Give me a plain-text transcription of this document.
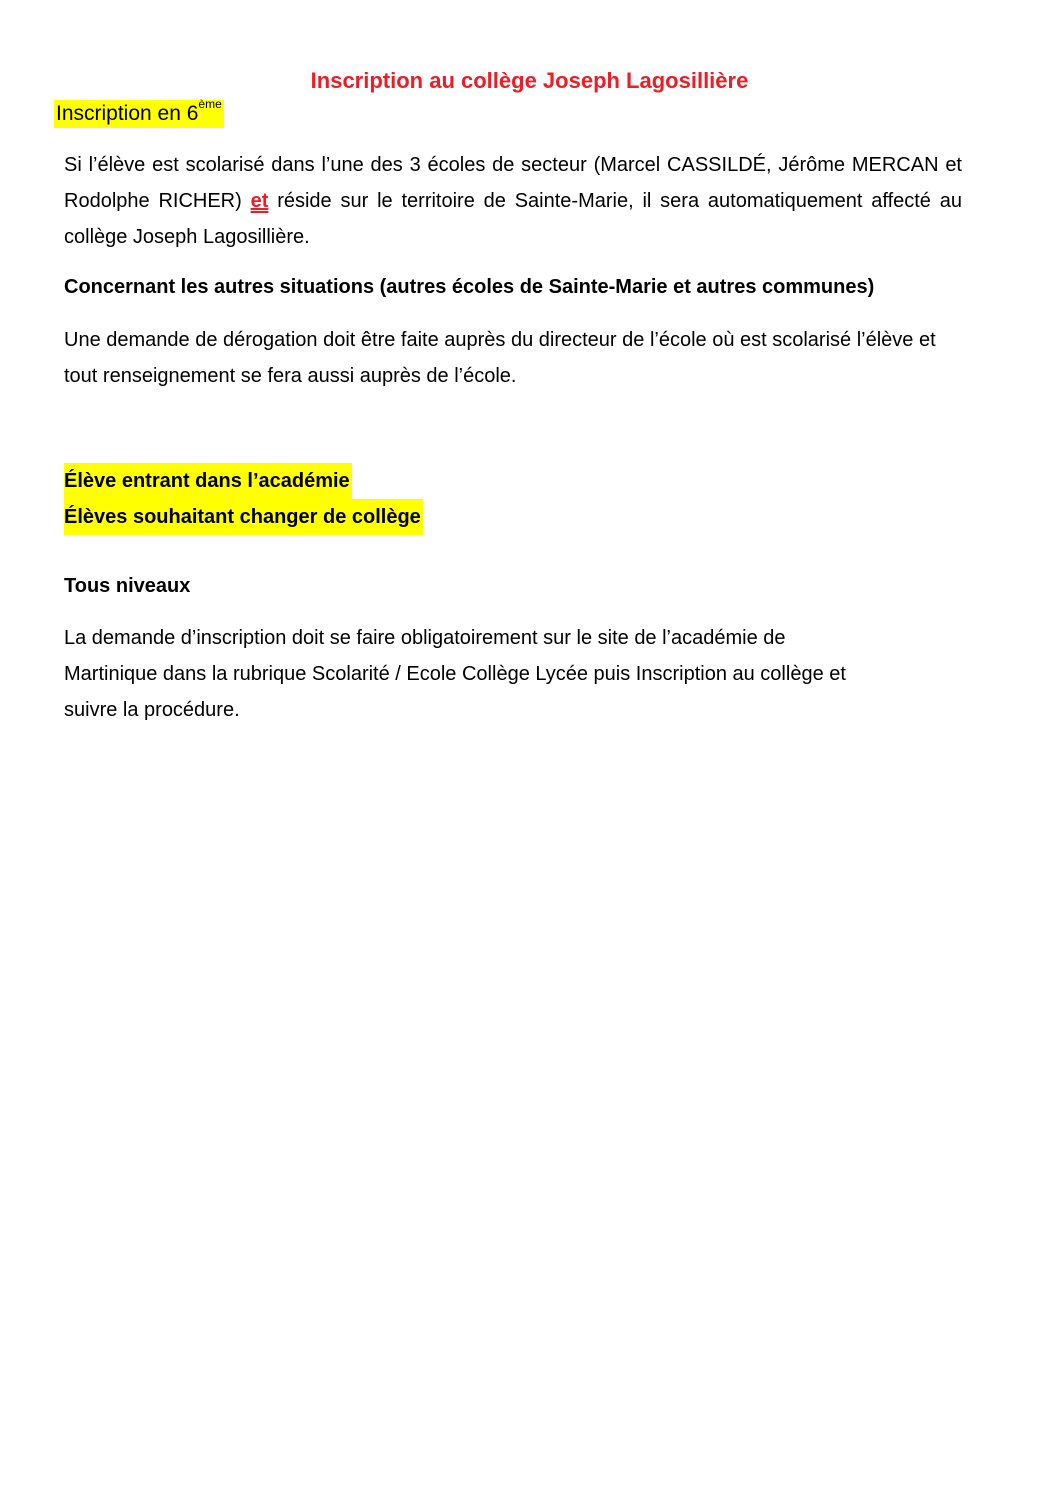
Inscription au collège Joseph Lagosillière
Inscription en 6ème
Si l’élève est scolarisé dans l’une des 3 écoles de secteur (Marcel CASSILDÉ, Jérôme MERCAN et Rodolphe RICHER) et réside sur le territoire de Sainte-Marie, il sera automatiquement affecté au collège Joseph Lagosillière.
Concernant les autres situations (autres écoles de Sainte-Marie et autres communes)
Une demande de dérogation doit être faite auprès du directeur de l’école où est scolarisé l’élève et tout renseignement se fera aussi auprès de l’école.
Élève entrant dans l’académie
Élèves souhaitant changer de collège
Tous niveaux
La demande d’inscription doit se faire obligatoirement sur le site de l’académie de
Martinique dans la rubrique Scolarité / Ecole Collège Lycée puis Inscription au collège et
suivre la procédure.
